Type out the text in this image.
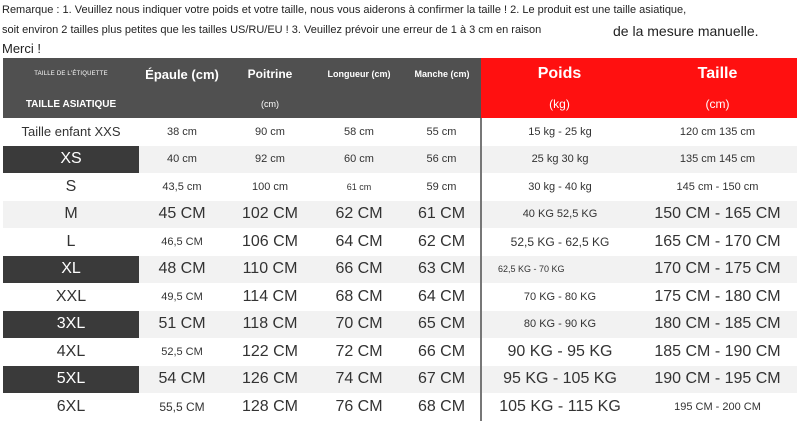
Remarque : 1. Veuillez nous indiquer votre poids et votre taille, nous vous aiderons à confirmer la taille ! 2. Le produit est une taille asiatique,
soit environ 2 tailles plus petites que les tailles US/RU/EU ! 3. Veuillez prévoir une erreur de 1 à 3 cm en raison	de la mesure manuelle.
Merci !
TAILLE DE L'ÉTIQUETTE	Épaule (cm)	Poitrine	Longueur (cm)	Manche (cm)	Poids	Taille
TAILLE ASIATIQUE		(cm)			(kg)	(cm)
Taille enfant XXS	38 cm	90 cm	58 cm	55 cm	15 kg - 25 kg	120 cm 135 cm
XS	40 cm	92 cm	60 cm	56 cm	25 kg 30 kg	135 cm 145 cm
S	43,5 cm	100 cm	61 cm	59 cm	30 kg - 40 kg	145 cm - 150 cm
M	45 CM	102 CM	62 CM	61 CM	40 KG 52,5 KG	150 CM - 165 CM
L	46,5 CM	106 CM	64 CM	62 CM	52,5 KG - 62,5 KG	165 CM - 170 CM
XL	48 CM	110 CM	66 CM	63 CM	62,5 KG - 70 KG	170 CM - 175 CM
XXL	49,5 CM	114 CM	68 CM	64 CM	70 KG - 80 KG	175 CM - 180 CM
3XL	51 CM	118 CM	70 CM	65 CM	80 KG - 90 KG	180 CM - 185 CM
4XL	52,5 CM	122 CM	72 CM	66 CM	90 KG - 95 KG	185 CM - 190 CM
5XL	54 CM	126 CM	74 CM	67 CM	95 KG - 105 KG	190 CM - 195 CM
6XL	55,5 CM	128 CM	76 CM	68 CM	105 KG - 115 KG	195 CM - 200 CM
